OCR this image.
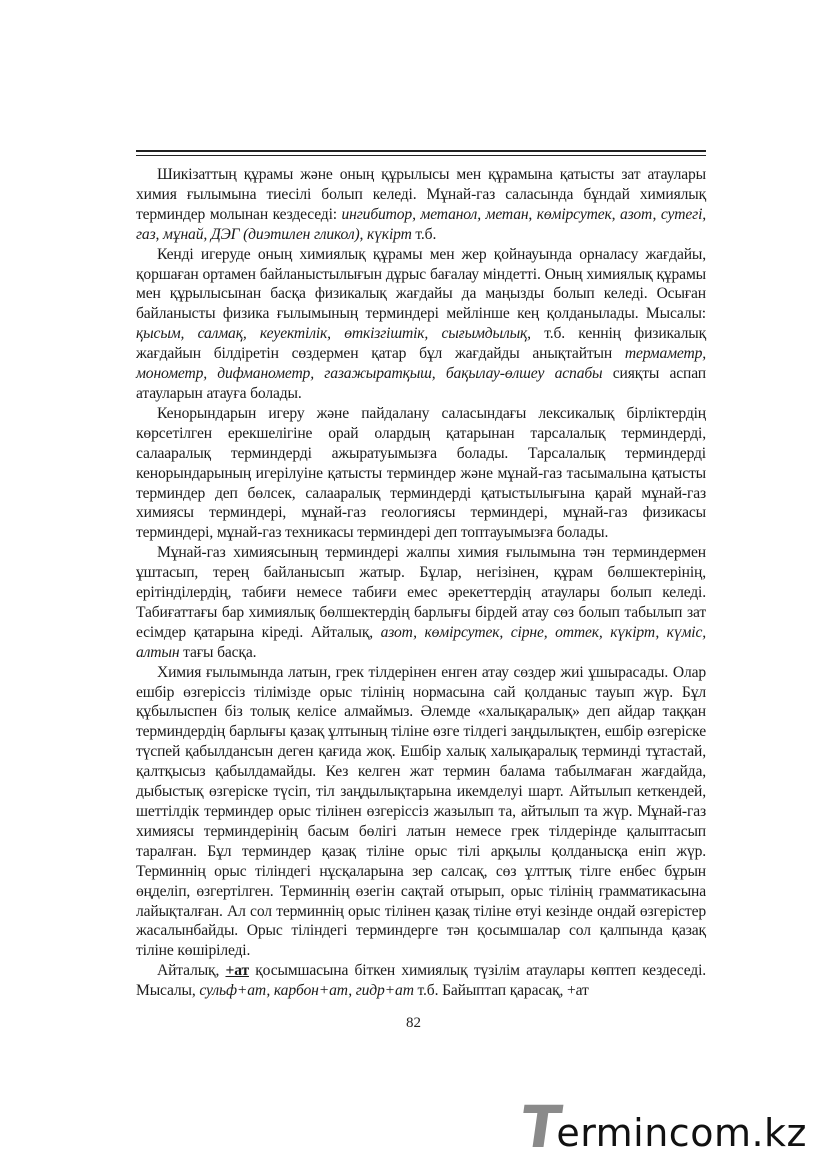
Шикізаттың құрамы және оның құрылысы мен құрамына қатысты зат атаулары химия ғылымына тиесілі болып келеді. Мұнай-газ саласында бұндай химиялық терминдер молынан кездеседі: ингибитор, метанол, метан, көмірсутек, азот, сутегі, газ, мұнай, ДЭГ (диэтилен гликол), күкірт т.б.

Кенді игеруде оның химиялық құрамы мен жер қойнауында орналасу жағдайы, қоршаған ортамен байланыстылығын дұрыс бағалау міндетті. Оның химиялық құрамы мен құрылысынан басқа физикалық жағдайы да маңызды болып келеді. Осыған байланысты физика ғылымының терминдері мейлінше кең қолданылады. Мысалы: қысым, салмақ, кеуектілік, өткізгіштік, сығымдылық, т.б. кеннің физикалық жағдайын білдіретін сөздермен қатар бұл жағдайды анықтайтын термаметр, монометр, дифманометр, газажыратқыш, бақылау-өлшеу аспабы сияқты аспап атауларын атауға болады.

Кенорындарын игеру және пайдалану саласындағы лексикалық бірліктердің көрсетілген ерекшелігіне орай олардың қатарынан тарсалалық терминдерді, салааралық терминдерді ажыратуымызға болады. Тарсалалық терминдерді кенорындарының игерілуіне қатысты терминдер және мұнай-газ тасымалына қатысты терминдер деп бөлсек, салааралық терминдерді қатыстылығына қарай мұнай-газ химиясы терминдері, мұнай-газ геологиясы терминдері, мұнай-газ физикасы терминдері, мұнай-газ техникасы терминдері деп топтауымызға болады.

Мұнай-газ химиясының терминдері жалпы химия ғылымына тән терминдермен ұштасып, терең байланысып жатыр. Бұлар, негізінен, құрам бөлшектерінің, ерітінділердің, табиғи немесе табиғи емес әрекеттердің атаулары болып келеді. Табиғаттағы бар химиялық бөлшектердің барлығы бірдей атау сөз болып табылып зат есімдер қатарына кіреді. Айталық, азот, көмірсутек, сірне, оттек, күкірт, күміс, алтын тағы басқа.

Химия ғылымында латын, грек тілдерінен енген атау сөздер жиі ұшырасады. Олар ешбір өзгеріссіз тілімізде орыс тілінің нормасына сай қолданыс тауып жүр. Бұл құбылыспен біз толық келісе алмаймыз. Әлемде «халықаралық» деп айдар таққан терминдердің барлығы қазақ ұлтының тіліне өзге тілдегі заңдылықтен, ешбір өзгеріске түспей қабылдансын деген қағида жоқ. Ешбір халық халықаралық терминді тұтастай, қалтқысыз қабылдамайды. Кез келген жат термин балама табылмаған жағдайда, дыбыстық өзгеріске түсіп, тіл заңдылықтарына икемделуі шарт. Айтылып кеткендей, шеттілдік терминдер орыс тілінен өзгеріссіз жазылып та, айтылып та жүр. Мұнай-газ химиясы терминдерінің басым бөлігі латын немесе грек тілдерінде қалыптасып таралған. Бұл терминдер қазақ тіліне орыс тілі арқылы қолданысқа еніп жүр. Терминнің орыс тіліндегі нұсқаларына зер салсақ, сөз ұлттық тілге енбес бұрын өңделіп, өзгертілген. Терминнің өзегін сақтай отырып, орыс тілінің грамматикасына лайықталған. Ал сол терминнің орыс тілінен қазақ тіліне өтуі кезінде ондай өзгерістер жасалынбайды. Орыс тіліндегі терминдерге тән қосымшалар сол қалпында қазақ тіліне көшіріледі.

Айталық, +ат қосымшасына біткен химиялық түзілім атаулары көптеп кездеседі. Мысалы, сульф+ат, карбон+ат, гидр+ат т.б. Байыптап қарасақ, +ат

82
T
ermincom.kz
